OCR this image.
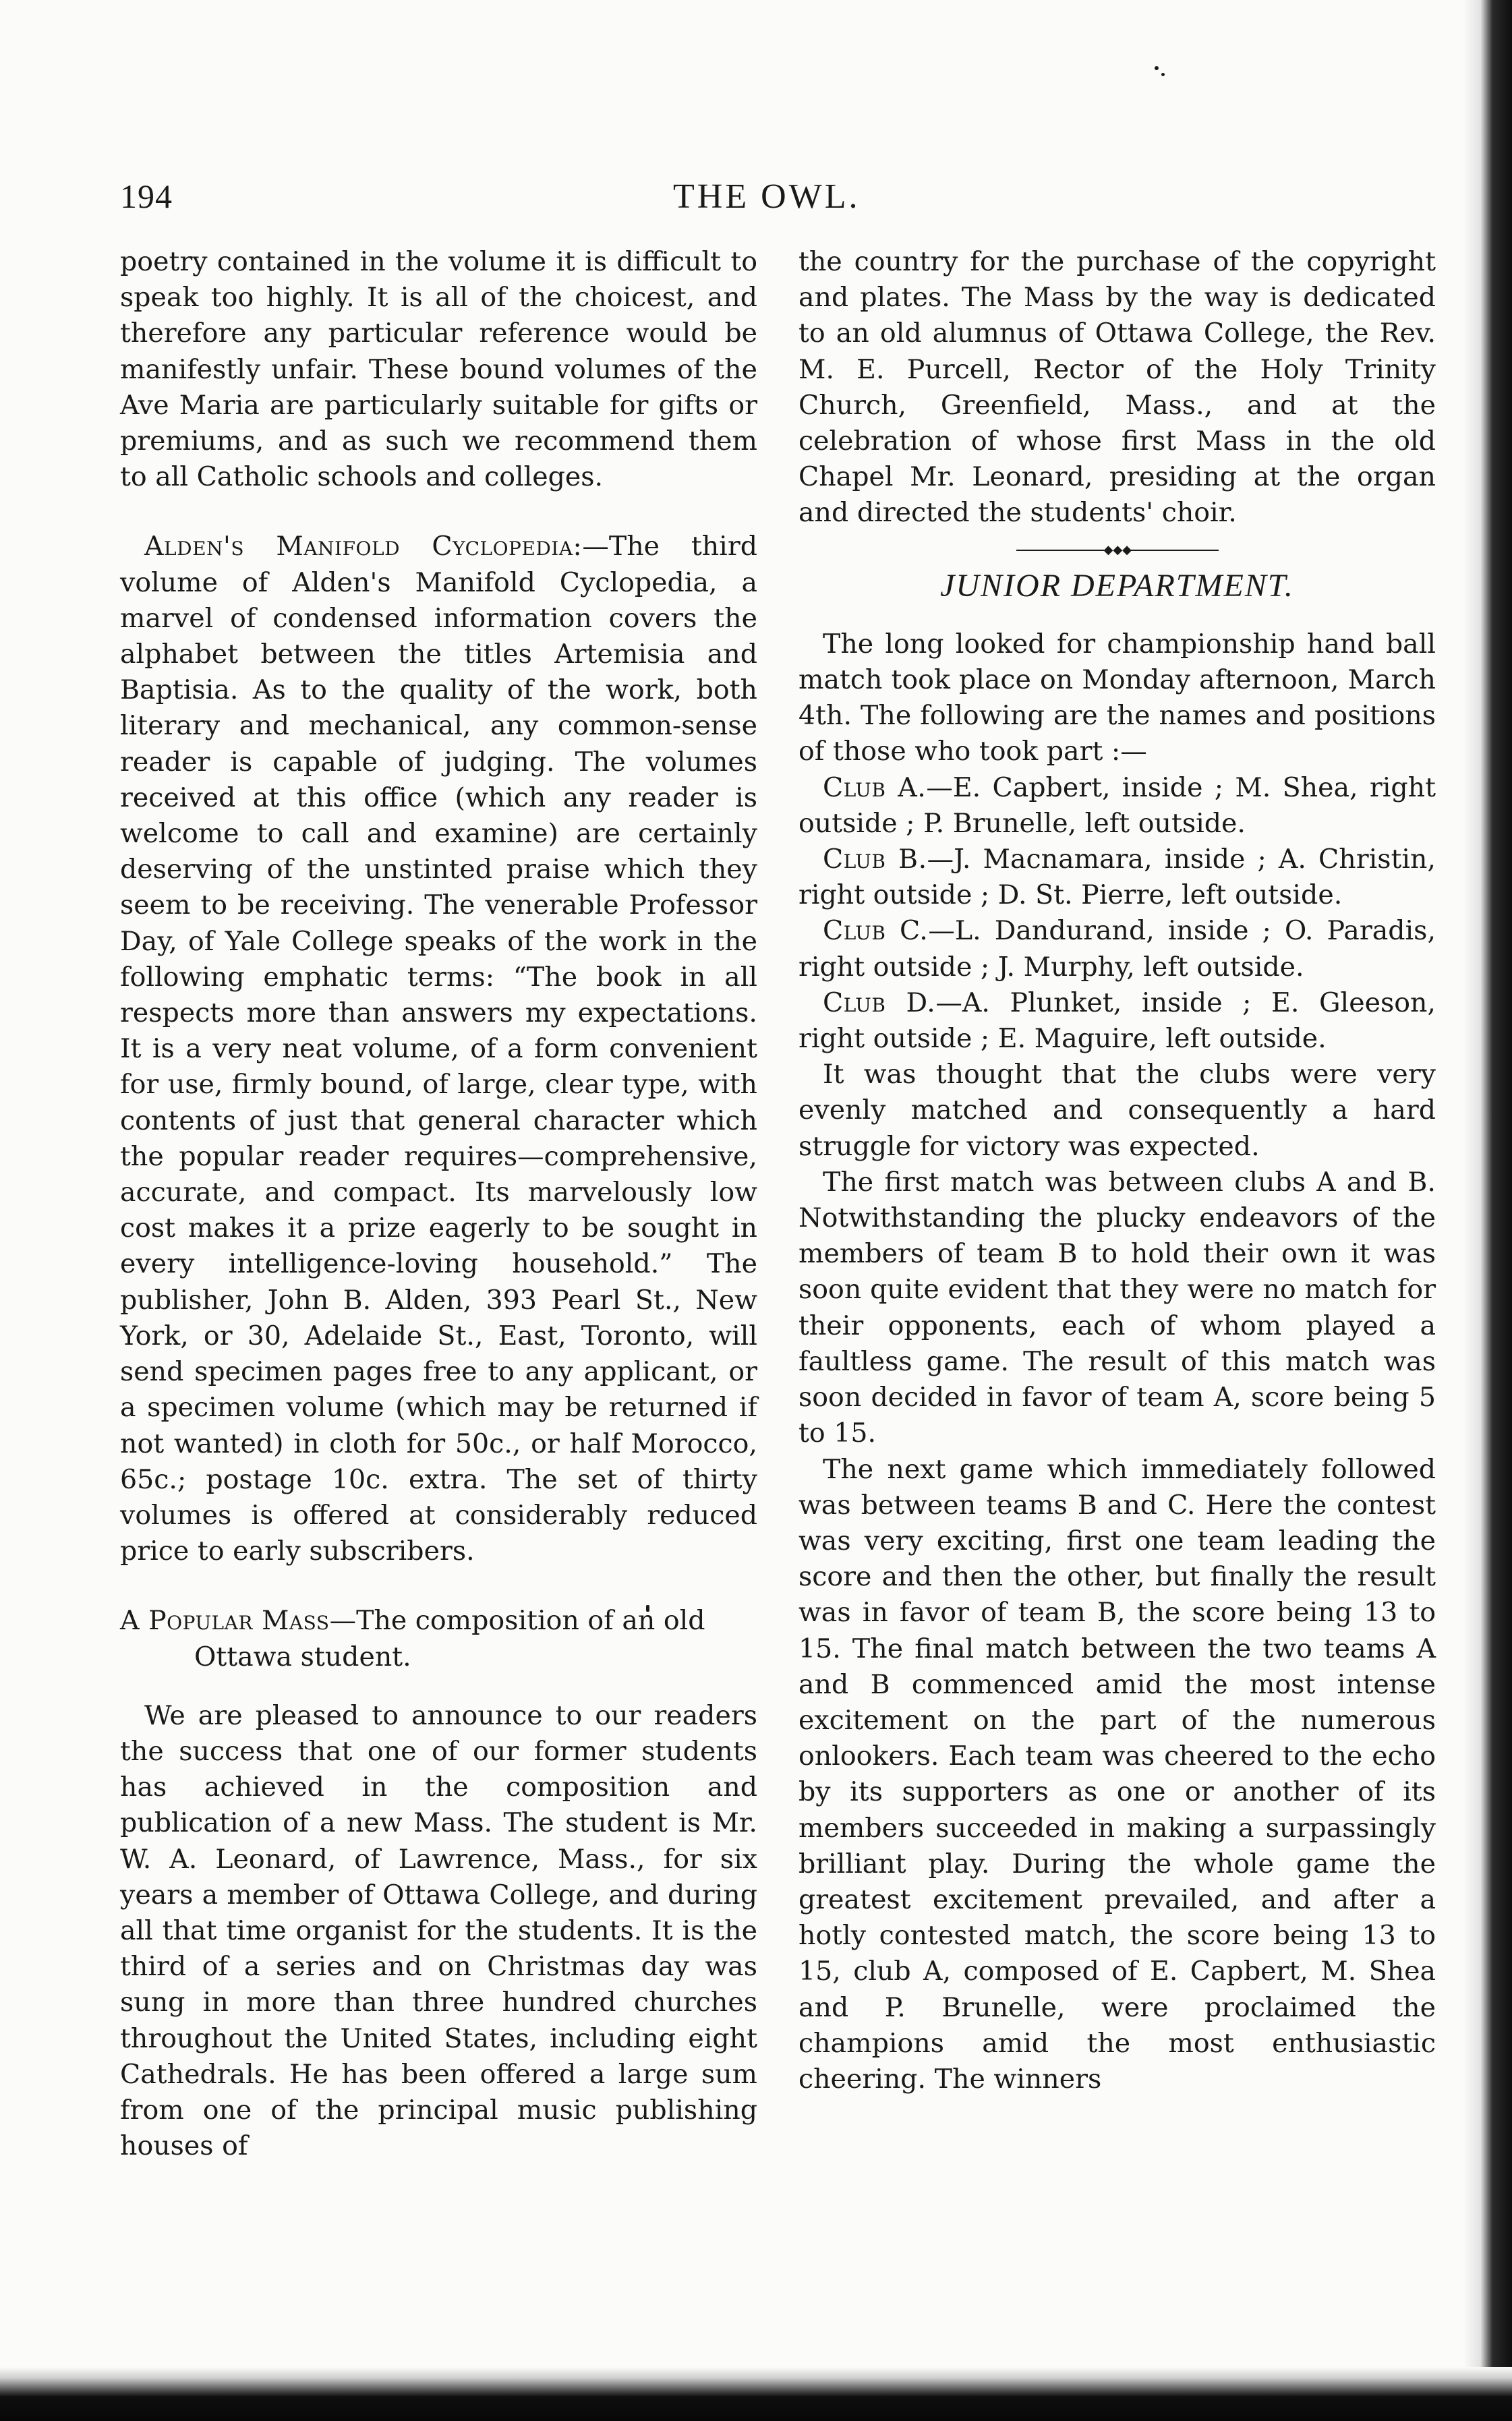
194	THE OWL.

poetry contained in the volume it is difficult to speak too highly. It is all of the choicest, and therefore any particular reference would be manifestly unfair. These bound volumes of the Ave Maria are particularly suitable for gifts or premiums, and as such we recommend them to all Catholic schools and colleges.

Alden's Manifold Cyclopedia:—The third volume of Alden's Manifold Cyclopedia, a marvel of condensed information covers the alphabet between the titles Artemisia and Baptisia. As to the quality of the work, both literary and mechanical, any common-sense reader is capable of judging. The volumes received at this office (which any reader is welcome to call and examine) are certainly deserving of the unstinted praise which they seem to be receiving. The venerable Professor Day, of Yale College speaks of the work in the following emphatic terms: “The book in all respects more than answers my expectations. It is a very neat volume, of a form convenient for use, firmly bound, of large, clear type, with contents of just that general character which the popular reader requires—comprehensive, accurate, and compact. Its marvelously low cost makes it a prize eagerly to be sought in every intelligence-loving household.” The publisher, John B. Alden, 393 Pearl St., New York, or 30, Adelaide St., East, Toronto, will send specimen pages free to any applicant, or a specimen volume (which may be returned if not wanted) in cloth for 50c., or half Morocco, 65c.; postage 10c. extra. The set of thirty volumes is offered at considerably reduced price to early subscribers.

A Popular Mass—The composition of an old Ottawa student.

We are pleased to announce to our readers the success that one of our former students has achieved in the composition and publication of a new Mass. The student is Mr. W. A. Leonard, of Lawrence, Mass., for six years a member of Ottawa College, and during all that time organist for the students. It is the third of a series and on Christmas day was sung in more than three hundred churches throughout the United States, including eight Cathedrals. He has been offered a large sum from one of the principal music publishing houses of

the country for the purchase of the copyright and plates. The Mass by the way is dedicated to an old alumnus of Ottawa College, the Rev. M. E. Purcell, Rector of the Holy Trinity Church, Greenfield, Mass., and at the celebration of whose first Mass in the old Chapel Mr. Leonard, presiding at the organ and directed the students' choir.

◆◆◆
JUNIOR DEPARTMENT.

The long looked for championship hand ball match took place on Monday afternoon, March 4th. The following are the names and positions of those who took part :—

Club A.—E. Capbert, inside ; M. Shea, right outside ; P. Brunelle, left outside.

Club B.—J. Macnamara, inside ; A. Christin, right outside ; D. St. Pierre, left outside.

Club C.—L. Dandurand, inside ; O. Paradis, right outside ; J. Murphy, left outside.

Club D.—A. Plunket, inside ; E. Gleeson, right outside ; E. Maguire, left outside.

It was thought that the clubs were very evenly matched and consequently a hard struggle for victory was expected.

The first match was between clubs A and B. Notwithstanding the plucky endeavors of the members of team B to hold their own it was soon quite evident that they were no match for their opponents, each of whom played a faultless game. The result of this match was soon decided in favor of team A, score being 5 to 15.

The next game which immediately followed was between teams B and C. Here the contest was very exciting, first one team leading the score and then the other, but finally the result was in favor of team B, the score being 13 to 15. The final match between the two teams A and B commenced amid the most intense excitement on the part of the numerous onlookers. Each team was cheered to the echo by its supporters as one or another of its members succeeded in making a surpassingly brilliant play. During the whole game the greatest excitement prevailed, and after a hotly contested match, the score being 13 to 15, club A, composed of E. Capbert, M. Shea and P. Brunelle, were proclaimed the champions amid the most enthusiastic cheering. The winners
